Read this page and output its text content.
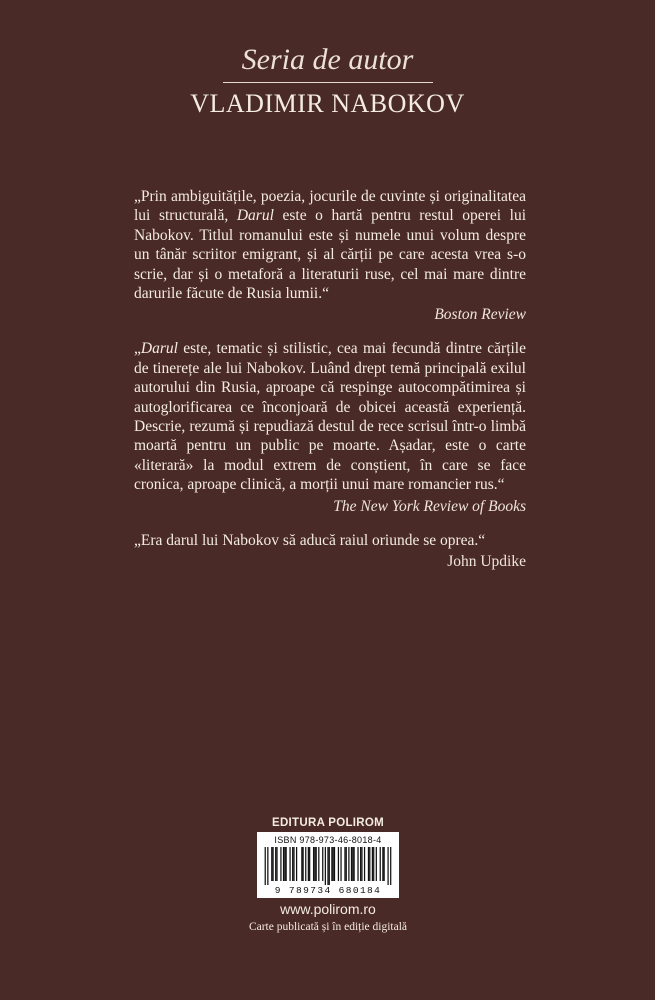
Seria de autor
VLADIMIR NABOKOV

„Prin ambiguitățile, poezia, jocurile de cuvinte și originalitatea lui structurală, Darul este o hartă pentru restul operei lui Nabokov. Titlul romanului este și numele unui volum despre un tânăr scriitor emigrant, și al cărții pe care acesta vrea s-o scrie, dar și o metaforă a literaturii ruse, cel mai mare dintre darurile făcute de Rusia lumii.“

Boston Review

„Darul este, tematic și stilistic, cea mai fecundă dintre cărțile de tinerețe ale lui Nabokov. Luând drept temă principală exilul autorului din Rusia, aproape că respinge autocompătimirea și autoglorificarea ce înconjoară de obicei această experiență. Descrie, rezumă și repudiază destul de rece scrisul într-o limbă moartă pentru un public pe moarte. Așadar, este o carte «literară» la modul extrem de conștient, în care se face cronica, aproape clinică, a morții unui mare romancier rus.“

The New York Review of Books

„Era darul lui Nabokov să aducă raiul oriunde se oprea.“

John Updike

EDITURA POLIROM
ISBN 978-973-46-8018-4
9 789734 680184
www.polirom.ro
Carte publicată și în ediție digitală
